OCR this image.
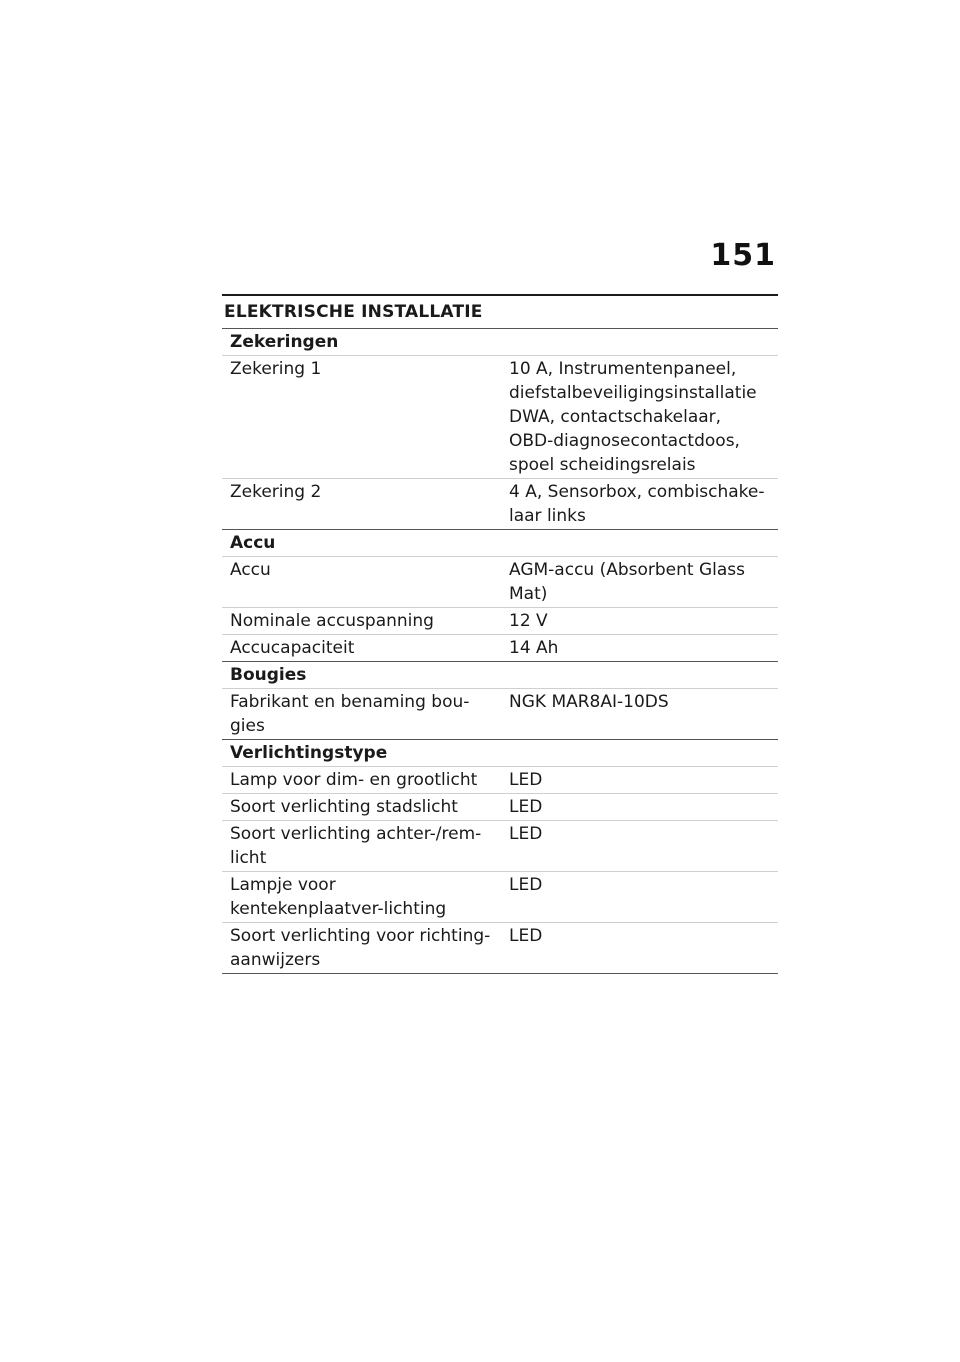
151
ELEKTRISCHE INSTALLATIE
Zekeringen	
Zekering 1	10 A, Instrumentenpaneel, diefstalbeveiligingsinstallatie DWA, contactschakelaar, OBD-diagnosecontactdoos, spoel scheidingsrelais
Zekering 2	4 A, Sensorbox, combischake-laar links
Accu	
Accu	AGM-accu (Absorbent Glass Mat)
Nominale accuspanning	12 V
Accucapaciteit	14 Ah
Bougies	
Fabrikant en benaming bou-gies	NGK MAR8AI-10DS
Verlichtingstype	
Lamp voor dim- en grootlicht	LED
Soort verlichting stadslicht	LED
Soort verlichting achter-/rem-licht	LED
Lampje voor kentekenplaatver-lichting	LED
Soort verlichting voor richting-aanwijzers	LED
